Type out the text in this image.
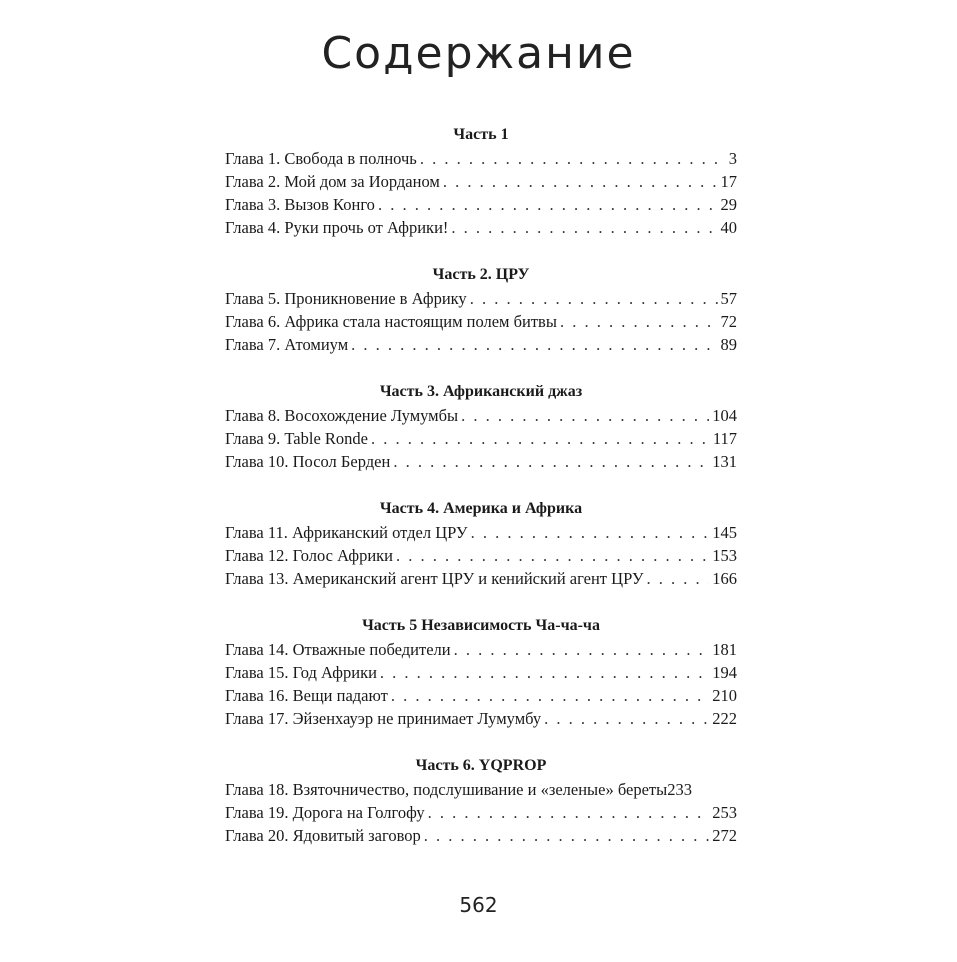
Содержание
Часть 1
Глава 1. Свобода в полночь . . .	3
Глава 2. Мой дом за Иорданом . . .	17
Глава 3. Вызов Конго . . .	29
Глава 4. Руки прочь от Африки! . . .	40
Часть 2. ЦРУ
Глава 5. Проникновение в Африку . . .	57
Глава 6. Африка стала настоящим полем битвы . . .	72
Глава 7. Атомиум . . .	89
Часть 3. Африканский джаз
Глава 8. Восохождение Лумумбы . . .	104
Глава 9. Table Ronde . . .	117
Глава 10. Посол Берден . . .	131
Часть 4. Америка и Африка
Глава 11. Африканский отдел ЦРУ . . .	145
Глава 12. Голос Африки . . .	153
Глава 13. Американский агент ЦРУ и кенийский агент ЦРУ . . .	166
Часть 5 Независимость Ча-ча-ча
Глава 14. Отважные победители . . .	181
Глава 15. Год Африки . . .	194
Глава 16. Вещи падают . . .	210
Глава 17. Эйзенхауэр не принимает Лумумбу . . .	222
Часть 6. YQPROP
Глава 18. Взяточничество, подслушивание и «зеленые» береты 233
Глава 19. Дорога на Голгофу . . .	253
Глава 20. Ядовитый заговор . . .	272
562
